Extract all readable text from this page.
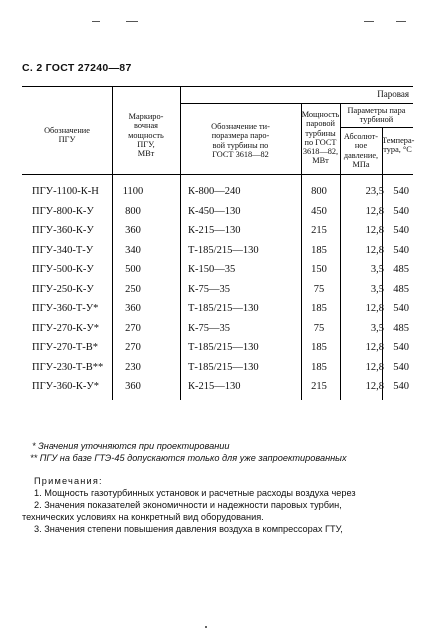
С. 2 ГОСТ 27240—87
Обозначение
ПГУ
Маркиро-
вочная
мощность
ПГУ,
МВт
Паровая
Обозначение ти-
поразмера паро-
вой турбины по
ГОСТ 3618—82
Мощность
паровой
турбины
по ГОСТ
3618—82,
МВт
Параметры пара
турбиной
Абсолют-
ное
давление,
МПа
Темпера-
тура, °С
ПГУ-1100-К-Н	1100	К-800—240	800	23,5 540
ПГУ-800-К-У	800	К-450—130	450	12,8 540
ПГУ-360-К-У	360	К-215—130	215	12,8 540
ПГУ-340-Т-У	340	Т-185/215—130	185	12,8 540
ПГУ-500-К-У	500	К-150—35	150	3,5 485
ПГУ-250-К-У	250	К-75—35	75	3,5 485
ПГУ-360-Т-У*	360	Т-185/215—130	185	12,8 540
ПГУ-270-К-У*	270	К-75—35	75	3,5 485
ПГУ-270-Т-В*	270	Т-185/215—130	185	12,8 540
ПГУ-230-Т-В**	230	Т-185/215—130	185	12,8 540
ПГУ-360-К-У*	360	К-215—130	215	12,8 540
* Значения уточняются при проектировании
** ПГУ на базе ГТЭ-45 допускаются только для уже запроектированных
Примечания:
1. Мощность газотурбинных установок и расчетные расходы воздуха через
2. Значения показателей экономичности и надежности паровых турбин,
технических условиях на конкретный вид оборудования.
3. Значения степени повышения давления воздуха в компрессорах ГТУ,
